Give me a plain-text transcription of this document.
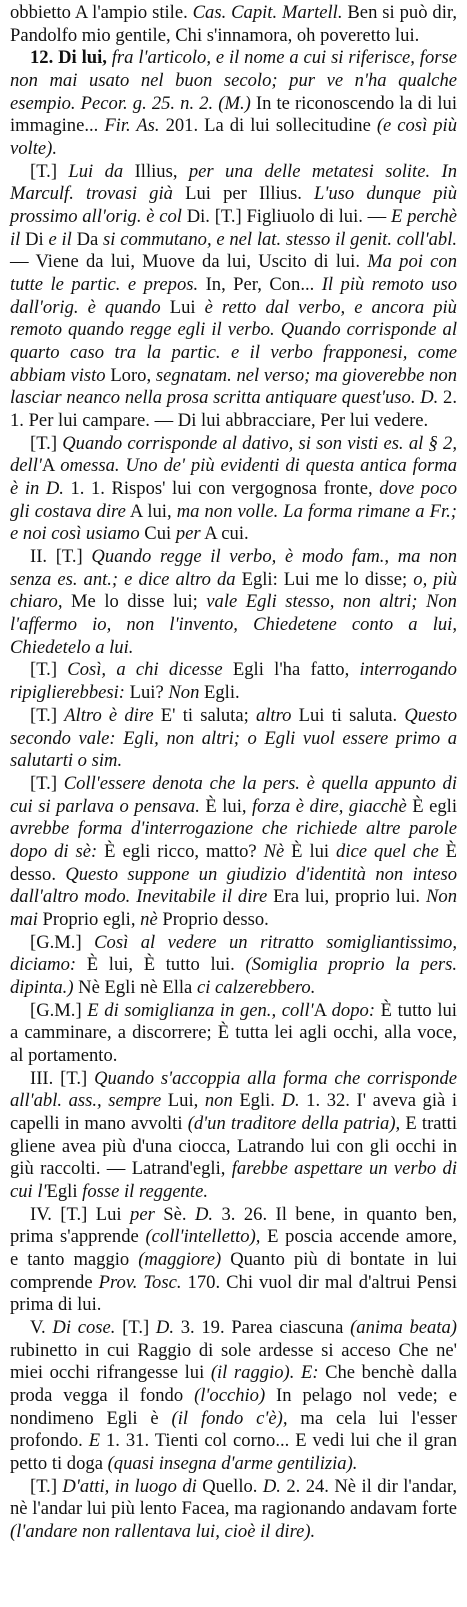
obbietto A l'ampio stile. Cas. Capit. Martell. Ben si può dir, Pandolfo mio gentile, Chi s'innamora, oh poveretto lui.

12. Di lui, fra l'articolo, e il nome a cui si riferisce, forse non mai usato nel buon secolo; pur ve n'ha qualche esempio. Pecor. g. 25. n. 2. (M.) In te riconoscendo la di lui immagine... Fir. As. 201. La di lui sollecitudine (e così più volte).

[T.] Lui da Illius, per una delle metatesi solite. In Marculf. trovasi già Lui per Illius. L'uso dunque più prossimo all'orig. è col Di. [T.] Figliuolo di lui. — E perchè il Di e il Da si commutano, e nel lat. stesso il genit. coll'abl. — Viene da lui, Muove da lui, Uscito di lui. Ma poi con tutte le partic. e prepos. In, Per, Con... Il più remoto uso dall'orig. è quando Lui è retto dal verbo, e ancora più remoto quando regge egli il verbo. Quando corrisponde al quarto caso tra la partic. e il verbo frapponesi, come abbiam visto Loro, segnatam. nel verso; ma gioverebbe non lasciar neanco nella prosa scritta antiquare quest'uso. D. 2. 1. Per lui campare. — Di lui abbracciare, Per lui vedere.

[T.] Quando corrisponde al dativo, si son visti es. al § 2, dell'A omessa. Uno de' più evidenti di questa antica forma è in D. 1. 1. Rispos' lui con vergognosa fronte, dove poco gli costava dire A lui, ma non volle. La forma rimane a Fr.; e noi così usiamo Cui per A cui.

II. [T.] Quando regge il verbo, è modo fam., ma non senza es. ant.; e dice altro da Egli: Lui me lo disse; o, più chiaro, Me lo disse lui; vale Egli stesso, non altri; Non l'affermo io, non l'invento, Chiedetene conto a lui, Chiedetelo a lui.

[T.] Così, a chi dicesse Egli l'ha fatto, interrogando ripiglierebbesi: Lui? Non Egli.

[T.] Altro è dire E' ti saluta; altro Lui ti saluta. Questo secondo vale: Egli, non altri; o Egli vuol essere primo a salutarti o sim.

[T.] Coll'essere denota che la pers. è quella appunto di cui si parlava o pensava. È lui, forza è dire, giacchè È egli avrebbe forma d'interrogazione che richiede altre parole dopo di sè: È egli ricco, matto? Nè È lui dice quel che È desso. Questo suppone un giudizio d'identità non inteso dall'altro modo. Inevitabile il dire Era lui, proprio lui. Non mai Proprio egli, nè Proprio desso.

[G.M.] Così al vedere un ritratto somigliantissimo, diciamo: È lui, È tutto lui. (Somiglia proprio la pers. dipinta.) Nè Egli nè Ella ci calzerebbero.

[G.M.] E di somiglianza in gen., coll'A dopo: È tutto lui a camminare, a discorrere; È tutta lei agli occhi, alla voce, al portamento.

III. [T.] Quando s'accoppia alla forma che corrisponde all'abl. ass., sempre Lui, non Egli. D. 1. 32. I' aveva già i capelli in mano avvolti (d'un traditore della patria), E tratti gliene avea più d'una ciocca, Latrando lui con gli occhi in giù raccolti. — Latrand'egli, farebbe aspettare un verbo di cui l'Egli fosse il reggente.

IV. [T.] Lui per Sè. D. 3. 26. Il bene, in quanto ben, prima s'apprende (coll'intelletto), E poscia accende amore, e tanto maggio (maggiore) Quanto più di bontate in lui comprende Prov. Tosc. 170. Chi vuol dir mal d'altrui Pensi prima di lui.

V. Di cose. [T.] D. 3. 19. Parea ciascuna (anima beata) rubinetto in cui Raggio di sole ardesse si acceso Che ne' miei occhi rifrangesse lui (il raggio). E: Che benchè dalla proda vegga il fondo (l'occhio) In pelago nol vede; e nondimeno Egli è (il fondo c'è), ma cela lui l'esser profondo. E 1. 31. Tienti col corno... E vedi lui che il gran petto ti doga (quasi insegna d'arme gentilizia).

[T.] D'atti, in luogo di Quello. D. 2. 24. Nè il dir l'andar, nè l'andar lui più lento Facea, ma ragionando andavam forte (l'andare non rallentava lui, cioè il dire).
